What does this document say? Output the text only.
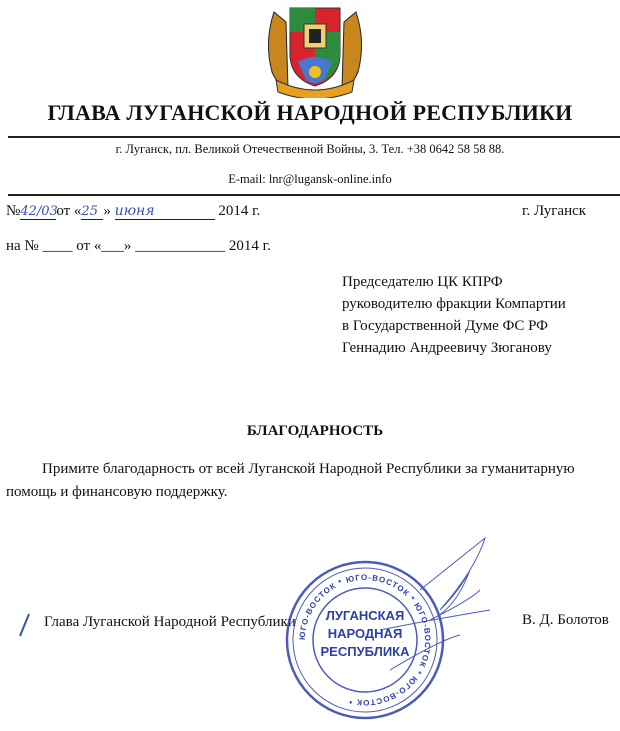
ГЛАВА ЛУГАНСКОЙ НАРОДНОЙ РЕСПУБЛИКИ
г. Луганск, пл. Великой Отечественной Войны, 3. Тел. +38 0642 58 58 88.
E-mail: lnr@lugansk-online.info
№42/03от «25 » июня	2014 г.	г. Луганск
на № ____ от «___» ____________ 2014 г.
Председателю ЦК КПРФ
руководителю фракции Компартии
в Государственной Думе ФС РФ
Геннадию Андреевичу Зюганову
БЛАГОДАРНОСТЬ
Примите благодарность от всей Луганской Народной Республики за гуманитарную
помощь и финансовую поддержку.
Глава Луганской Народной Республики	В. Д. Болотов
ЮГО-ВОСТОК * ЮГО-ВОСТОК * ЮГО-ВОСТОК * ЮГО-ВОСТОК *
ЛУГАНСКАЯ
НАРОДНАЯ
РЕСПУБЛИКА
